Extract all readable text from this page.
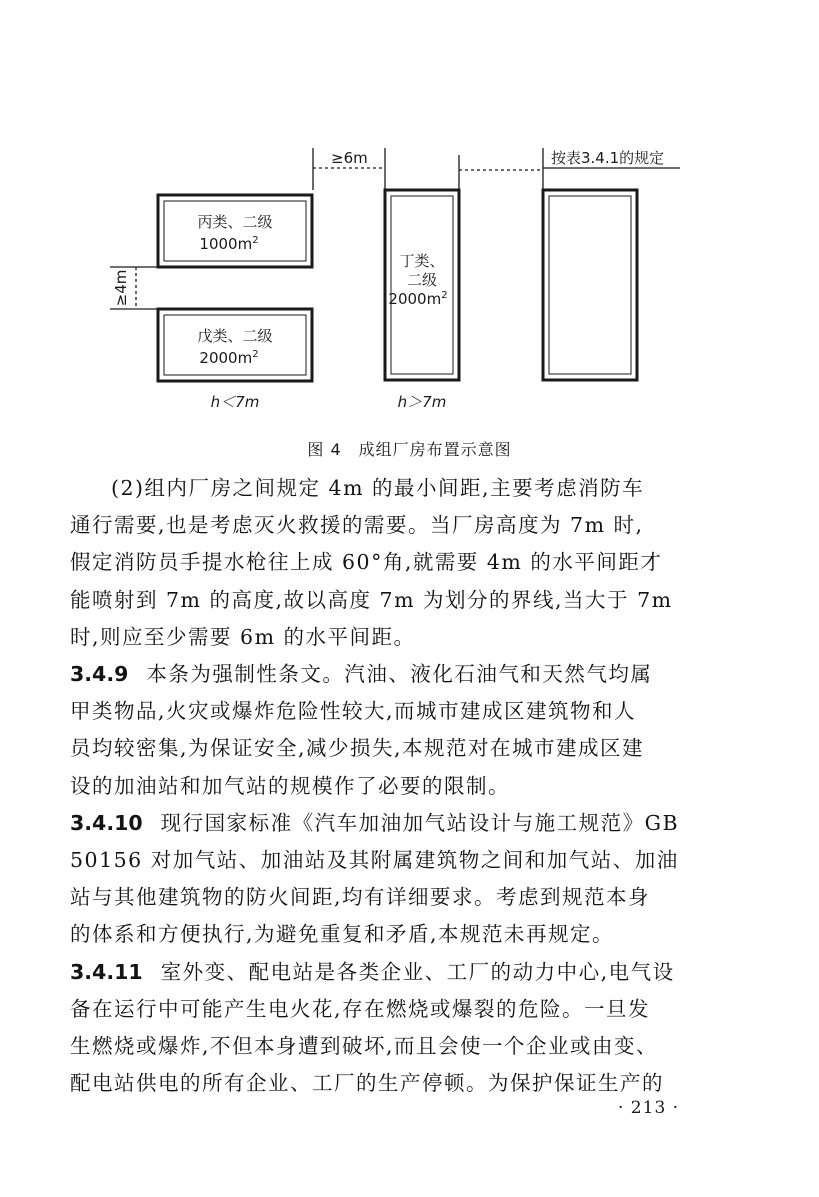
≥6m	按表3.4.1的规定
≥4m
丙类、二级
$1000m^2$
戊类、二级
$2000m^2$
丁类、
二级
$2000m^2$
h＜7m	h＞7m
图 4　成组厂房布置示意图

(2)组内厂房之间规定 4m 的最小间距,主要考虑消防车
通行需要,也是考虑灭火救援的需要。当厂房高度为 7m 时,
假定消防员手提水枪往上成 60°角,就需要 4m 的水平间距才
能喷射到 7m 的高度,故以高度 7m 为划分的界线,当大于 7m
时,则应至少需要 6m 的水平间距。

3.4.9 本条为强制性条文。汽油、液化石油气和天然气均属
甲类物品,火灾或爆炸危险性较大,而城市建成区建筑物和人
员均较密集,为保证安全,减少损失,本规范对在城市建成区建
设的加油站和加气站的规模作了必要的限制。

3.4.10 现行国家标准《汽车加油加气站设计与施工规范》GB
50156 对加气站、加油站及其附属建筑物之间和加气站、加油
站与其他建筑物的防火间距,均有详细要求。考虑到规范本身
的体系和方便执行,为避免重复和矛盾,本规范未再规定。

3.4.11 室外变、配电站是各类企业、工厂的动力中心,电气设
备在运行中可能产生电火花,存在燃烧或爆裂的危险。一旦发
生燃烧或爆炸,不但本身遭到破坏,而且会使一个企业或由变、
配电站供电的所有企业、工厂的生产停顿。为保护保证生产的

· 213 ·
